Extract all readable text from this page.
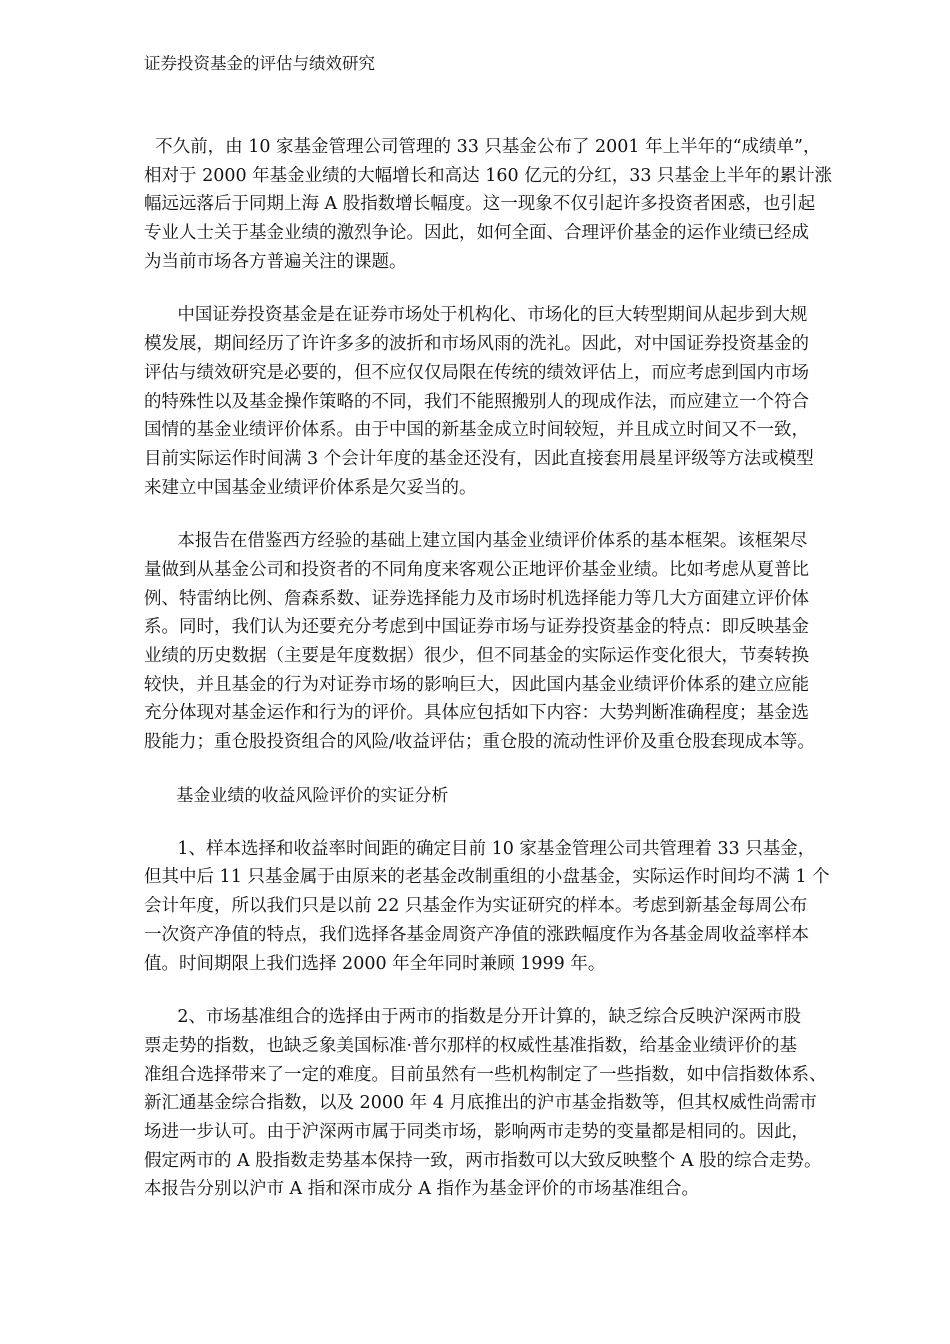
证券投资基金的评估与绩效研究
不久前，由 10 家基金管理公司管理的 33 只基金公布了 2001 年上半年的“成绩单”，
相对于 2000 年基金业绩的大幅增长和高达 160 亿元的分红，33 只基金上半年的累计涨
幅远远落后于同期上海 A 股指数增长幅度。这一现象不仅引起许多投资者困惑，也引起
专业人士关于基金业绩的激烈争论。因此，如何全面、合理评价基金的运作业绩已经成
为当前市场各方普遍关注的课题。
中国证券投资基金是在证券市场处于机构化、市场化的巨大转型期间从起步到大规
模发展，期间经历了许许多多的波折和市场风雨的洗礼。因此，对中国证券投资基金的
评估与绩效研究是必要的，但不应仅仅局限在传统的绩效评估上，而应考虑到国内市场
的特殊性以及基金操作策略的不同，我们不能照搬别人的现成作法，而应建立一个符合
国情的基金业绩评价体系。由于中国的新基金成立时间较短，并且成立时间又不一致，
目前实际运作时间满 3 个会计年度的基金还没有，因此直接套用晨星评级等方法或模型
来建立中国基金业绩评价体系是欠妥当的。
本报告在借鉴西方经验的基础上建立国内基金业绩评价体系的基本框架。该框架尽
量做到从基金公司和投资者的不同角度来客观公正地评价基金业绩。比如考虑从夏普比
例、特雷纳比例、詹森系数、证券选择能力及市场时机选择能力等几大方面建立评价体
系。同时，我们认为还要充分考虑到中国证券市场与证券投资基金的特点：即反映基金
业绩的历史数据（主要是年度数据）很少，但不同基金的实际运作变化很大，节奏转换
较快，并且基金的行为对证券市场的影响巨大，因此国内基金业绩评价体系的建立应能
充分体现对基金运作和行为的评价。具体应包括如下内容：大势判断准确程度；基金选
股能力；重仓股投资组合的风险/收益评估；重仓股的流动性评价及重仓股套现成本等。
基金业绩的收益风险评价的实证分析
1、样本选择和收益率时间距的确定目前 10 家基金管理公司共管理着 33 只基金，
但其中后 11 只基金属于由原来的老基金改制重组的小盘基金，实际运作时间均不满 1 个
会计年度，所以我们只是以前 22 只基金作为实证研究的样本。考虑到新基金每周公布
一次资产净值的特点，我们选择各基金周资产净值的涨跌幅度作为各基金周收益率样本
值。时间期限上我们选择 2000 年全年同时兼顾 1999 年。
2、市场基准组合的选择由于两市的指数是分开计算的，缺乏综合反映沪深两市股
票走势的指数，也缺乏象美国标准·普尔那样的权威性基准指数，给基金业绩评价的基
准组合选择带来了一定的难度。目前虽然有一些机构制定了一些指数，如中信指数体系、
新汇通基金综合指数，以及 2000 年 4 月底推出的沪市基金指数等，但其权威性尚需市
场进一步认可。由于沪深两市属于同类市场，影响两市走势的变量都是相同的。因此，
假定两市的 A 股指数走势基本保持一致，两市指数可以大致反映整个 A 股的综合走势。
本报告分别以沪市 A 指和深市成分 A 指作为基金评价的市场基准组合。
